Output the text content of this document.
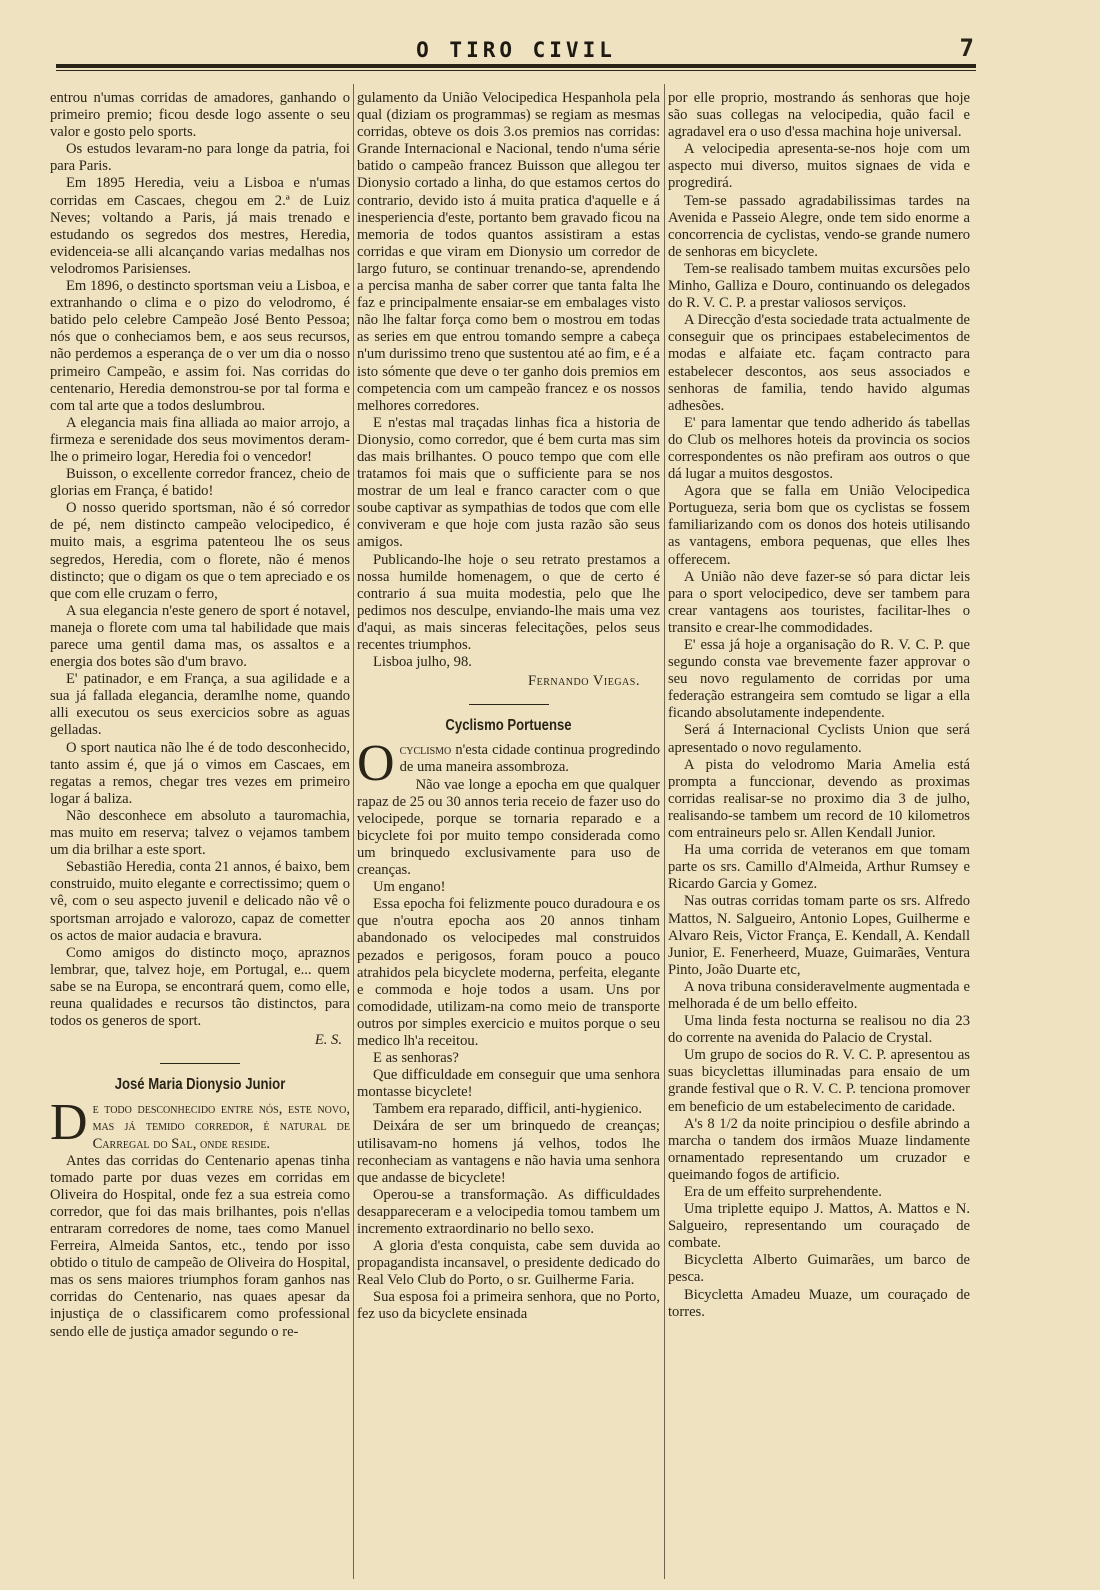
O TIRO CIVIL	7

entrou n'umas corridas de amadores, ganhando o primeiro premio; ficou desde logo assente o seu valor e gosto pelo sports.

Os estudos levaram-no para longe da patria, foi para Paris.

Em 1895 Heredia, veiu a Lisboa e n'umas corridas em Cascaes, chegou em 2.ª de Luiz Neves; voltando a Paris, já mais trenado e estudando os segredos dos mestres, Heredia, evidenceia-se alli alcançando varias medalhas nos velodromos Parisienses.

Em 1896, o destincto sportsman veiu a Lisboa, e extranhando o clima e o pizo do velodromo, é batido pelo celebre Campeão José Bento Pessoa; nós que o conheciamos bem, e aos seus recursos, não perdemos a esperança de o ver um dia o nosso primeiro Campeão, e assim foi. Nas corridas do centenario, Heredia demonstrou-se por tal forma e com tal arte que a todos deslumbrou.

A elegancia mais fina alliada ao maior arrojo, a firmeza e serenidade dos seus movimentos deram-lhe o primeiro logar, Heredia foi o vencedor!

Buisson, o excellente corredor francez, cheio de glorias em França, é batido!

O nosso querido sportsman, não é só corredor de pé, nem distincto campeão velocipedico, é muito mais, a esgrima patenteou lhe os seus segredos, Heredia, com o florete, não é menos distincto; que o digam os que o tem apreciado e os que com elle cruzam o ferro,

A sua elegancia n'este genero de sport é notavel, maneja o florete com uma tal habilidade que mais parece uma gentil dama mas, os assaltos e a energia dos botes são d'um bravo.

E' patinador, e em França, a sua agilidade e a sua já fallada elegancia, deramlhe nome, quando alli executou os seus exercicios sobre as aguas gelladas.

O sport nautica não lhe é de todo desconhecido, tanto assim é, que já o vimos em Cascaes, em regatas a remos, chegar tres vezes em primeiro logar á baliza.

Não desconhece em absoluto a tauromachia, mas muito em reserva; talvez o vejamos tambem um dia brilhar a este sport.

Sebastião Heredia, conta 21 annos, é baixo, bem construido, muito elegante e correctissimo; quem o vê, com o seu aspecto juvenil e delicado não vê o sportsman arrojado e valorozo, capaz de cometter os actos de maior audacia e bravura.

Como amigos do distincto moço, apraznos lembrar, que, talvez hoje, em Portugal, e... quem sabe se na Europa, se encontrará quem, como elle, reuna qualidades e recursos tão distinctos, para todos os generos de sport.

E. S.
José Maria Dionysio Junior

De todo desconhecido entre nós, este novo, mas já temido corredor, é natural de Carregal do Sal, onde reside.

Antes das corridas do Centenario apenas tinha tomado parte por duas vezes em corridas em Oliveira do Hospital, onde fez a sua estreia como corredor, que foi das mais brilhantes, pois n'ellas entraram corredores de nome, taes como Manuel Ferreira, Almeida Santos, etc., tendo por isso obtido o titulo de campeão de Oliveira do Hospital, mas os sens maiores triumphos foram ganhos nas corridas do Centenario, nas quaes apesar da injustiça de o classificarem como professional sendo elle de justiça amador segundo o re-

gulamento da União Velocipedica Hespanhola pela qual (diziam os programmas) se regiam as mesmas corridas, obteve os dois 3.os premios nas corridas: Grande Internacional e Nacional, tendo n'uma série batido o campeão francez Buisson que allegou ter Dionysio cortado a linha, do que estamos certos do contrario, devido isto á muita pratica d'aquelle e á inesperiencia d'este, portanto bem gravado ficou na memoria de todos quantos assistiram a estas corridas e que viram em Dionysio um corredor de largo futuro, se continuar trenando-se, aprendendo a percisa manha de saber correr que tanta falta lhe faz e principalmente ensaiar-se em embalages visto não lhe faltar força como bem o mostrou em todas as series em que entrou tomando sempre a cabeça n'um durissimo treno que sustentou até ao fim, e é a isto sómente que deve o ter ganho dois premios em competencia com um campeão francez e os nossos melhores corredores.

E n'estas mal traçadas linhas fica a historia de Dionysio, como corredor, que é bem curta mas sim das mais brilhantes. O pouco tempo que com elle tratamos foi mais que o sufficiente para se nos mostrar de um leal e franco caracter com o que soube captivar as sympathias de todos que com elle conviveram e que hoje com justa razão são seus amigos.

Publicando-lhe hoje o seu retrato prestamos a nossa humilde homenagem, o que de certo é contrario á sua muita modestia, pelo que lhe pedimos nos desculpe, enviando-lhe mais uma vez d'aqui, as mais sinceras felecitações, pelos seus recentes triumphos.

Lisboa julho, 98.

Fernando Viegas.
Cyclismo Portuense

Ocyclismo n'esta cidade continua progredindo de uma maneira assombroza.

Não vae longe a epocha em que qualquer rapaz de 25 ou 30 annos teria receio de fazer uso do velocipede, porque se tornaria reparado e a bicyclete foi por muito tempo considerada como um brinquedo exclusivamente para uso de creanças.

Um engano!

Essa epocha foi felizmente pouco duradoura e os que n'outra epocha aos 20 annos tinham abandonado os velocipedes mal construidos pezados e perigosos, foram pouco a pouco atrahidos pela bicyclete moderna, perfeita, elegante e commoda e hoje todos a usam. Uns por comodidade, utilizam-na como meio de transporte outros por simples exercicio e muitos porque o seu medico lh'a receitou.

E as senhoras?

Que difficuldade em conseguir que uma senhora montasse bicyclete!

Tambem era reparado, difficil, anti-hygienico.

Deixára de ser um brinquedo de creanças; utilisavam-no homens já velhos, todos lhe reconheciam as vantagens e não havia uma senhora que andasse de bicyclete!

Operou-se a transformação. As difficuldades desappareceram e a velocipedia tomou tambem um incremento extraordinario no bello sexo.

A gloria d'esta conquista, cabe sem duvida ao propagandista incansavel, o presidente dedicado do Real Velo Club do Porto, o sr. Guilherme Faria.

Sua esposa foi a primeira senhora, que no Porto, fez uso da bicyclete ensinada

por elle proprio, mostrando ás senhoras que hoje são suas collegas na velocipedia, quão facil e agradavel era o uso d'essa machina hoje universal.

A velocipedia apresenta-se-nos hoje com um aspecto mui diverso, muitos signaes de vida e progredirá.

Tem-se passado agradabilissimas tardes na Avenida e Passeio Alegre, onde tem sido enorme a concorrencia de cyclistas, vendo-se grande numero de senhoras em bicyclete.

Tem-se realisado tambem muitas excursões pelo Minho, Galliza e Douro, continuando os delegados do R. V. C. P. a prestar valiosos serviços.

A Direcção d'esta sociedade trata actualmente de conseguir que os principaes estabelecimentos de modas e alfaiate etc. façam contracto para estabelecer descontos, aos seus associados e senhoras de familia, tendo havido algumas adhesões.

E' para lamentar que tendo adherido ás tabellas do Club os melhores hoteis da provincia os socios correspondentes os não prefiram aos outros o que dá lugar a muitos desgostos.

Agora que se falla em União Velocipedica Portugueza, seria bom que os cyclistas se fossem familiarizando com os donos dos hoteis utilisando as vantagens, embora pequenas, que elles lhes offerecem.

A União não deve fazer-se só para dictar leis para o sport velocipedico, deve ser tambem para crear vantagens aos touristes, facilitar-lhes o transito e crear-lhe commodidades.

E' essa já hoje a organisação do R. V. C. P. que segundo consta vae brevemente fazer approvar o seu novo regulamento de corridas por uma federação estrangeira sem comtudo se ligar a ella ficando absolutamente independente.

Será á Internacional Cyclists Union que será apresentado o novo regulamento.

A pista do velodromo Maria Amelia está prompta a funccionar, devendo as proximas corridas realisar-se no proximo dia 3 de julho, realisando-se tambem um record de 10 kilometros com entraineurs pelo sr. Allen Kendall Junior.

Ha uma corrida de veteranos em que tomam parte os srs. Camillo d'Almeida, Arthur Rumsey e Ricardo Garcia y Gomez.

Nas outras corridas tomam parte os srs. Alfredo Mattos, N. Salgueiro, Antonio Lopes, Guilherme e Alvaro Reis, Victor França, E. Kendall, A. Kendall Junior, E. Fenerheerd, Muaze, Guimarães, Ventura Pinto, João Duarte etc,

A nova tribuna consideravelmente augmentada e melhorada é de um bello effeito.

Uma linda festa nocturna se realisou no dia 23 do corrente na avenida do Palacio de Crystal.

Um grupo de socios do R. V. C. P. apresentou as suas bicyclettas illuminadas para ensaio de um grande festival que o R. V. C. P. tenciona promover em beneficio de um estabelecimento de caridade.

A's 8 1/2 da noite principiou o desfile abrindo a marcha o tandem dos irmãos Muaze lindamente ornamentado representando um cruzador e queimando fogos de artificio.

Era de um effeito surprehendente.

Uma triplette equipo J. Mattos, A. Mattos e N. Salgueiro, representando um couraçado de combate.

Bicycletta Alberto Guimarães, um barco de pesca.

Bicycletta Amadeu Muaze, um couraçado de torres.
